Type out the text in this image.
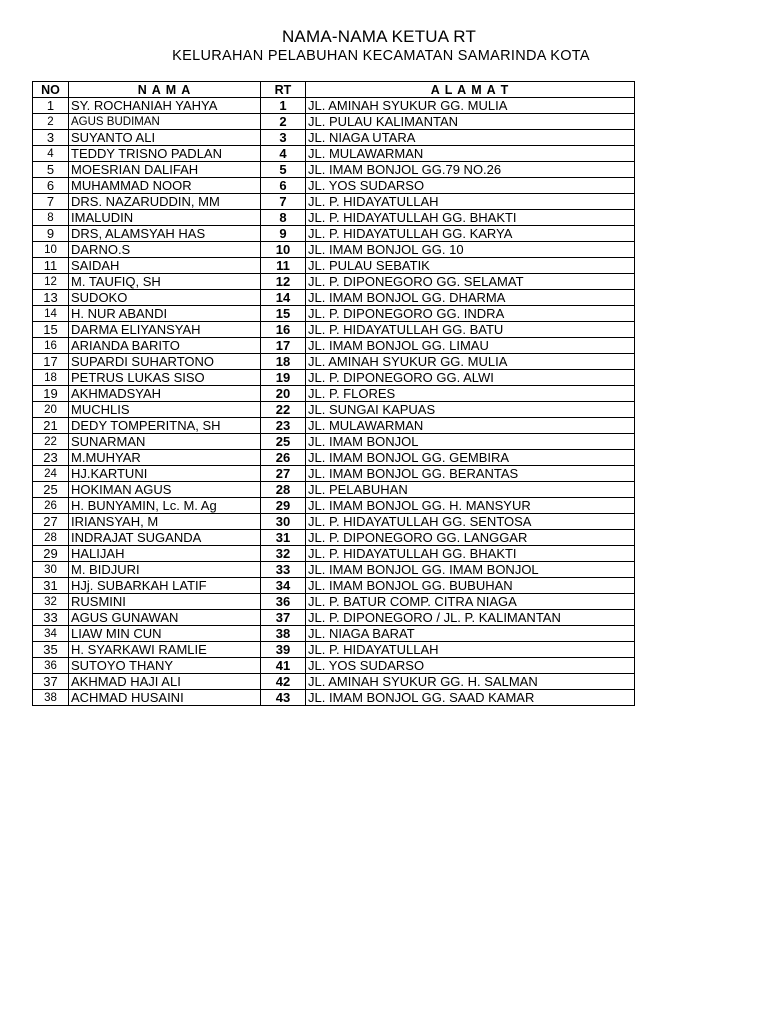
NAMA-NAMA KETUA RT
KELURAHAN PELABUHAN KECAMATAN SAMARINDA KOTA
NO	N A M A	RT	A L A M A T
1	SY. ROCHANIAH YAHYA	1	JL. AMINAH SYUKUR GG. MULIA
2	AGUS BUDIMAN	2	JL. PULAU KALIMANTAN
3	SUYANTO ALI	3	JL. NIAGA UTARA
4	TEDDY TRISNO PADLAN	4	JL. MULAWARMAN
5	MOESRIAN DALIFAH	5	JL. IMAM BONJOL GG.79 NO.26
6	MUHAMMAD NOOR	6	JL. YOS SUDARSO
7	DRS. NAZARUDDIN, MM	7	JL. P. HIDAYATULLAH
8	IMALUDIN	8	JL. P. HIDAYATULLAH GG. BHAKTI
9	DRS, ALAMSYAH HAS	9	JL. P. HIDAYATULLAH GG. KARYA
10	DARNO.S	10	JL. IMAM BONJOL GG. 10
11	SAIDAH	11	JL. PULAU SEBATIK
12	M. TAUFIQ, SH	12	JL. P. DIPONEGORO GG. SELAMAT
13	SUDOKO	14	JL. IMAM BONJOL GG. DHARMA
14	H. NUR ABANDI	15	JL. P. DIPONEGORO GG. INDRA
15	DARMA ELIYANSYAH	16	JL. P. HIDAYATULLAH GG. BATU
16	ARIANDA BARITO	17	JL. IMAM BONJOL GG. LIMAU
17	SUPARDI SUHARTONO	18	JL. AMINAH SYUKUR GG. MULIA
18	PETRUS LUKAS SISO	19	JL. P. DIPONEGORO GG. ALWI
19	AKHMADSYAH	20	JL. P. FLORES
20	MUCHLIS	22	JL. SUNGAI KAPUAS
21	DEDY TOMPERITNA, SH	23	JL. MULAWARMAN
22	SUNARMAN	25	JL. IMAM BONJOL
23	M.MUHYAR	26	JL. IMAM BONJOL GG. GEMBIRA
24	HJ.KARTUNI	27	JL. IMAM BONJOL GG. BERANTAS
25	HOKIMAN AGUS	28	JL. PELABUHAN
26	H. BUNYAMIN, Lc. M. Ag	29	JL. IMAM BONJOL GG. H. MANSYUR
27	IRIANSYAH, M	30	JL. P. HIDAYATULLAH GG. SENTOSA
28	INDRAJAT SUGANDA	31	JL. P. DIPONEGORO GG. LANGGAR
29	HALIJAH	32	JL. P. HIDAYATULLAH GG. BHAKTI
30	M. BIDJURI	33	JL. IMAM BONJOL GG. IMAM BONJOL
31	HJj. SUBARKAH LATIF	34	JL. IMAM BONJOL GG. BUBUHAN
32	RUSMINI	36	JL. P. BATUR COMP. CITRA NIAGA
33	AGUS GUNAWAN	37	JL. P. DIPONEGORO / JL. P. KALIMANTAN
34	LIAW MIN CUN	38	JL. NIAGA BARAT
35	H. SYARKAWI RAMLIE	39	JL. P. HIDAYATULLAH
36	SUTOYO THANY	41	JL. YOS SUDARSO
37	AKHMAD HAJI ALI	42	JL. AMINAH SYUKUR GG. H. SALMAN
38	ACHMAD HUSAINI	43	JL. IMAM BONJOL GG. SAAD KAMAR
